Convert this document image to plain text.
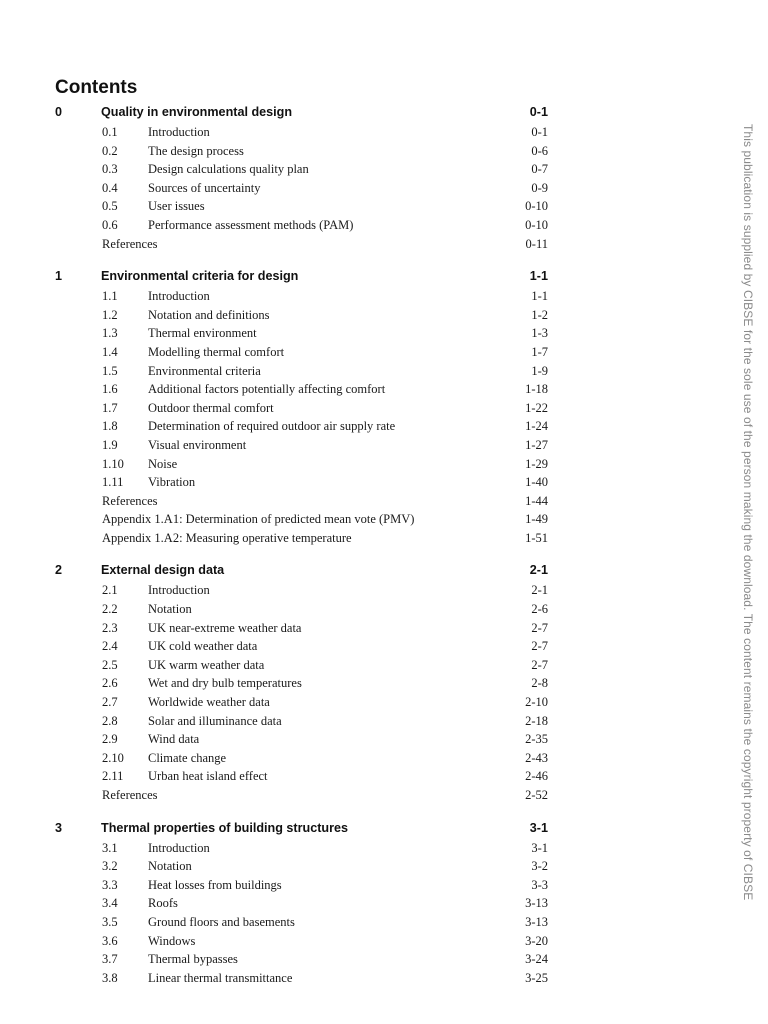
Contents
0	Quality in environmental design	0-1
0.1 Introduction	0-1
0.2 The design process	0-6
0.3 Design calculations quality plan	0-7
0.4 Sources of uncertainty	0-9
0.5 User issues	0-10
0.6 Performance assessment methods (PAM)	0-10
References	0-11
1	Environmental criteria for design	1-1
1.1 Introduction	1-1
1.2 Notation and definitions	1-2
1.3 Thermal environment	1-3
1.4 Modelling thermal comfort	1-7
1.5 Environmental criteria	1-9
1.6 Additional factors potentially affecting comfort	1-18
1.7 Outdoor thermal comfort	1-22
1.8 Determination of required outdoor air supply rate	1-24
1.9 Visual environment	1-27
1.10 Noise	1-29
1.11 Vibration	1-40
References	1-44
Appendix 1.A1: Determination of predicted mean vote (PMV)	1-49
Appendix 1.A2: Measuring operative temperature	1-51
2	External design data	2-1
2.1 Introduction	2-1
2.2 Notation	2-6
2.3 UK near-extreme weather data	2-7
2.4 UK cold weather data	2-7
2.5 UK warm weather data	2-7
2.6 Wet and dry bulb temperatures	2-8
2.7 Worldwide weather data	2-10
2.8 Solar and illuminance data	2-18
2.9 Wind data	2-35
2.10 Climate change	2-43
2.11 Urban heat island effect	2-46
References	2-52
3	Thermal properties of building structures	3-1
3.1 Introduction	3-1
3.2 Notation	3-2
3.3 Heat losses from buildings	3-3
3.4 Roofs	3-13
3.5 Ground floors and basements	3-13
3.6 Windows	3-20
3.7 Thermal bypasses	3-24
3.8 Linear thermal transmittance	3-25
This publication is supplied by CIBSE for the sole use of the person making the download. The content remains the copyright property of CIBSE
